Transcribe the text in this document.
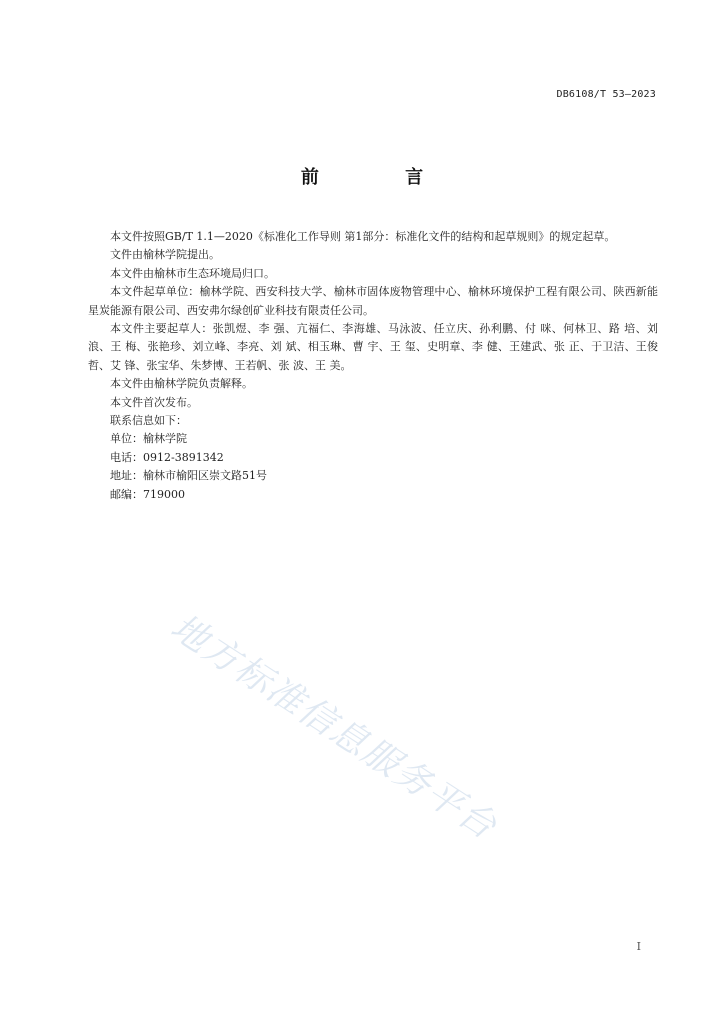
DB6108/T 53—2023
前 言

本文件按照GB/T 1.1—2020《标准化工作导则 第1部分：标准化文件的结构和起草规则》的规定起草。

文件由榆林学院提出。

本文件由榆林市生态环境局归口。

本文件起草单位：榆林学院、西安科技大学、榆林市固体废物管理中心、榆林环境保护工程有限公司、陕西新能星炭能源有限公司、西安弗尔绿创矿业科技有限责任公司。

本文件主要起草人：张凯煜、李 强、亢福仁、李海雄、马泳波、任立庆、孙利鹏、付 咪、何林卫、路 培、刘浪、王 梅、张艳珍、刘立峰、李亮、刘 斌、相玉琳、曹 宇、王 玺、史明章、李 健、王建武、张 正、于卫洁、王俊哲、艾 锋、张宝华、朱梦博、王若帆、张 波、王 美。

本文件由榆林学院负责解释。

本文件首次发布。

联系信息如下：

单位：榆林学院

电话：0912-3891342

地址：榆林市榆阳区崇文路51号

邮编：719000

地方标准信息服务平台
I
